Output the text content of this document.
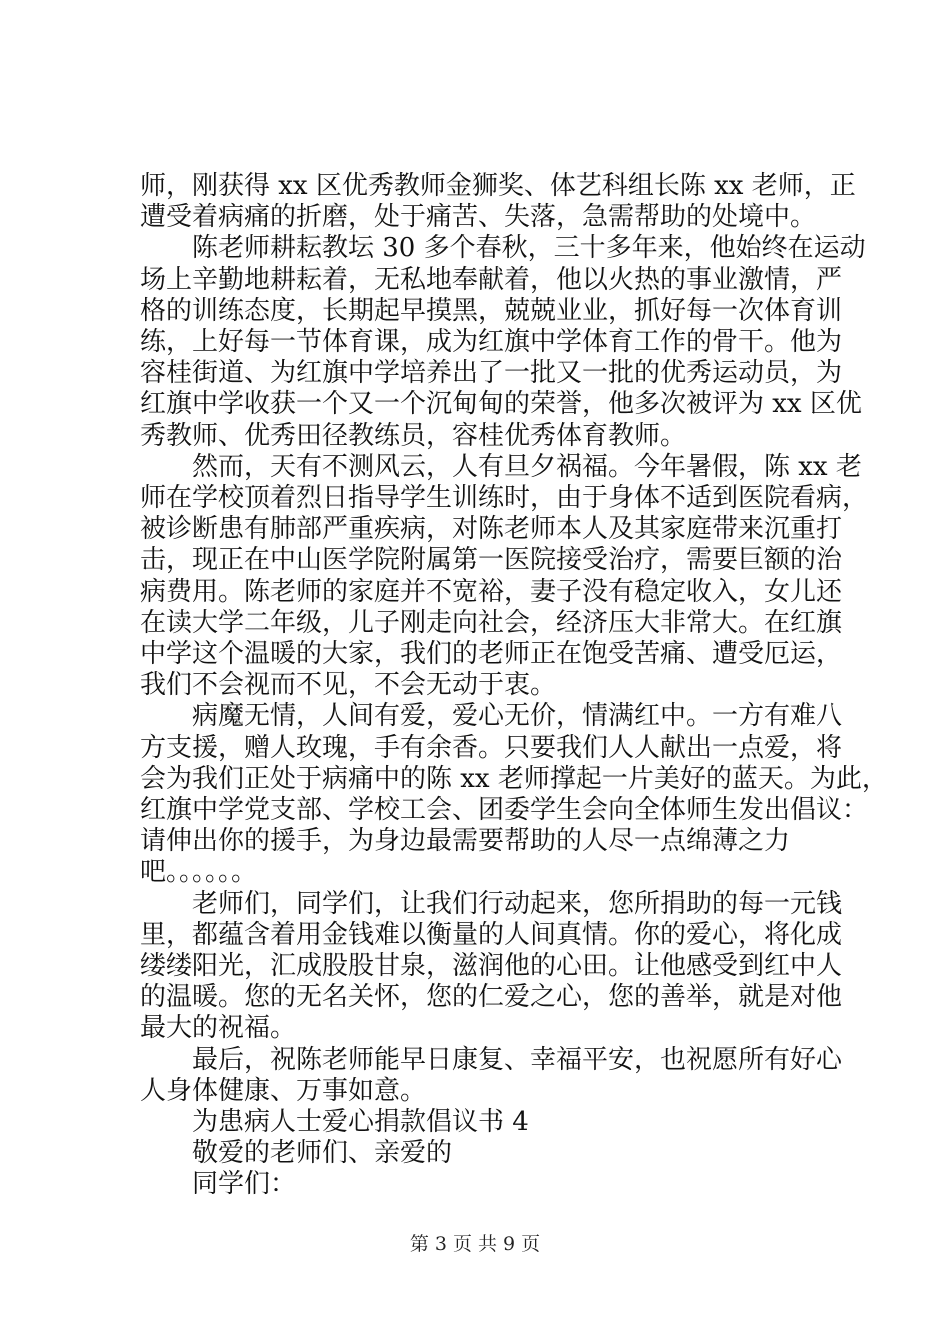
师，刚获得 xx 区优秀教师金狮奖、体艺科组长陈 xx 老师，正
遭受着病痛的折磨，处于痛苦、失落，急需帮助的处境中。
　　陈老师耕耘教坛 30 多个春秋，三十多年来，他始终在运动
场上辛勤地耕耘着，无私地奉献着，他以火热的事业激情，严
格的训练态度，长期起早摸黑，兢兢业业，抓好每一次体育训
练，上好每一节体育课，成为红旗中学体育工作的骨干。他为
容桂街道、为红旗中学培养出了一批又一批的优秀运动员，为
红旗中学收获一个又一个沉甸甸的荣誉，他多次被评为 xx 区优
秀教师、优秀田径教练员，容桂优秀体育教师。
　　然而，天有不测风云，人有旦夕祸福。今年暑假，陈 xx 老
师在学校顶着烈日指导学生训练时，由于身体不适到医院看病，
被诊断患有肺部严重疾病，对陈老师本人及其家庭带来沉重打
击，现正在中山医学院附属第一医院接受治疗，需要巨额的治
病费用。陈老师的家庭并不宽裕，妻子没有稳定收入，女儿还
在读大学二年级，儿子刚走向社会，经济压大非常大。在红旗
中学这个温暖的大家，我们的老师正在饱受苦痛、遭受厄运，
我们不会视而不见，不会无动于衷。
　　病魔无情，人间有爱，爱心无价，情满红中。一方有难八
方支援，赠人玫瑰，手有余香。只要我们人人献出一点爱，将
会为我们正处于病痛中的陈 xx 老师撑起一片美好的蓝天。为此，
红旗中学党支部、学校工会、团委学生会向全体师生发出倡议：
请伸出你的援手，为身边最需要帮助的人尽一点绵薄之力
吧。。。。。。
　　老师们，同学们，让我们行动起来，您所捐助的每一元钱
里，都蕴含着用金钱难以衡量的人间真情。你的爱心，将化成
缕缕阳光，汇成股股甘泉，滋润他的心田。让他感受到红中人
的温暖。您的无名关怀，您的仁爱之心，您的善举，就是对他
最大的祝福。
　　最后，祝陈老师能早日康复、幸福平安，也祝愿所有好心
人身体健康、万事如意。
　　为患病人士爱心捐款倡议书 4
　　敬爱的老师们、亲爱的
　　同学们：
第 3 页 共 9 页
